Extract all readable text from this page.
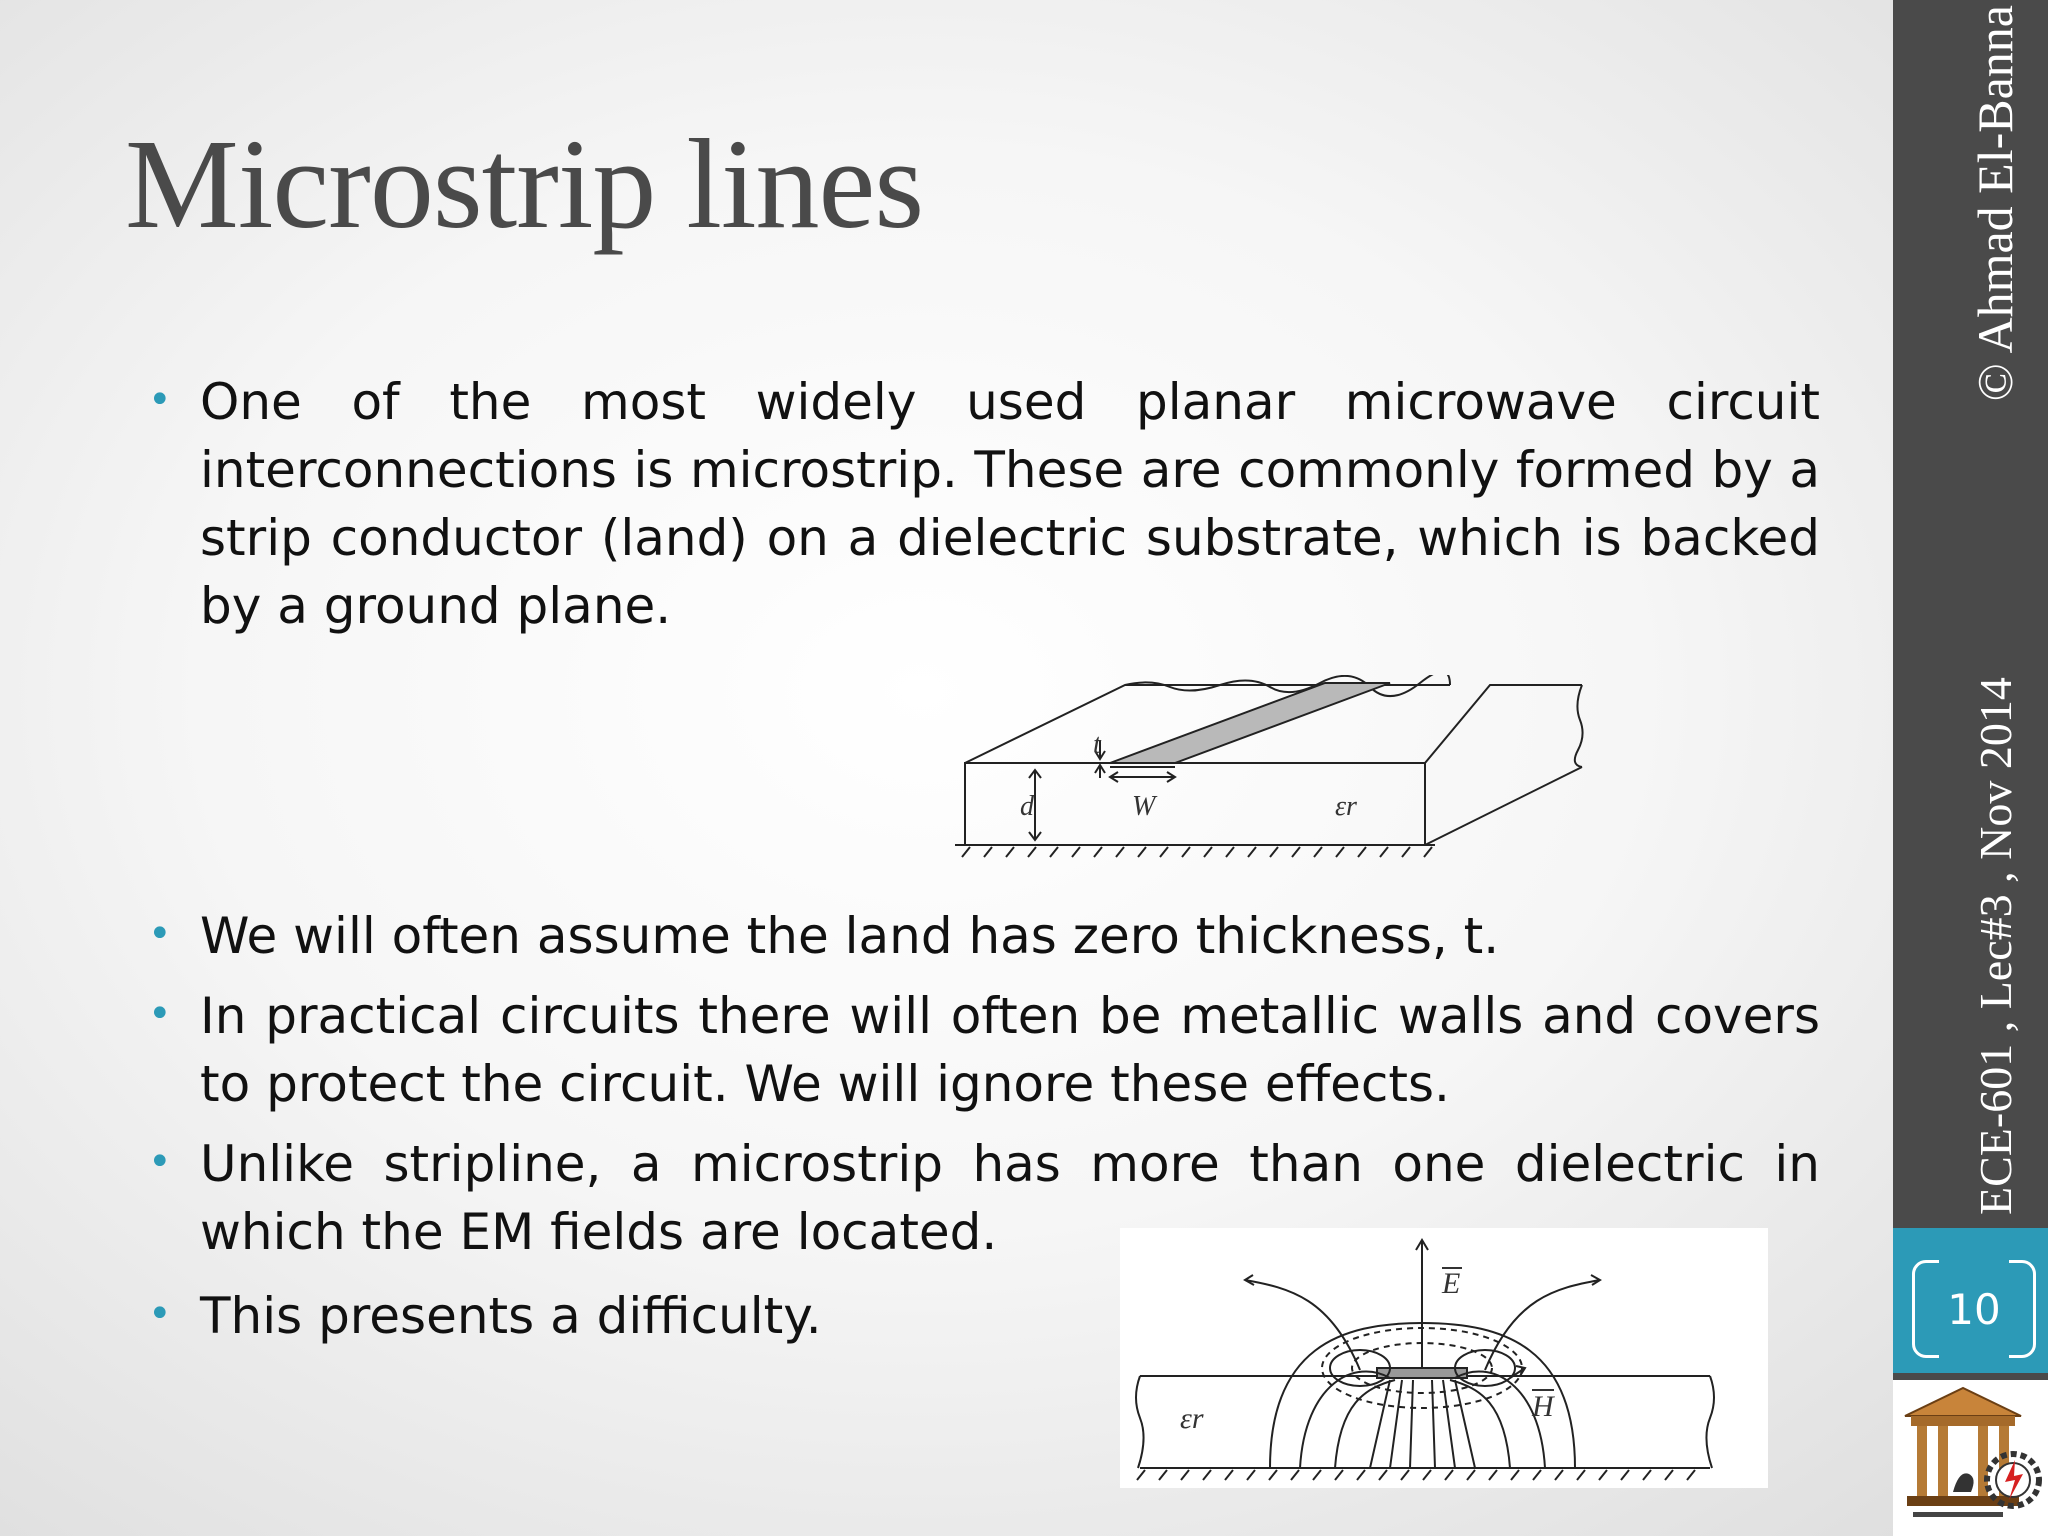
Microstrip lines
• One of the most widely used planar microwave circuit interconnections is microstrip. These are commonly formed by a strip conductor (land) on a dielectric substrate, which is backed by a ground plane.
t
d	W	εr
• We will often assume the land has zero thickness, t.
• In practical circuits there will often be metallic walls and covers to protect the circuit. We will ignore these effects.
• Unlike stripline, a microstrip has more than one dielectric in which the EM fields are located.
• This presents a difficulty.
E
H
εr
ECE-601 , Lec#3 , Nov 2014
© Ahmad El-Banna
10
